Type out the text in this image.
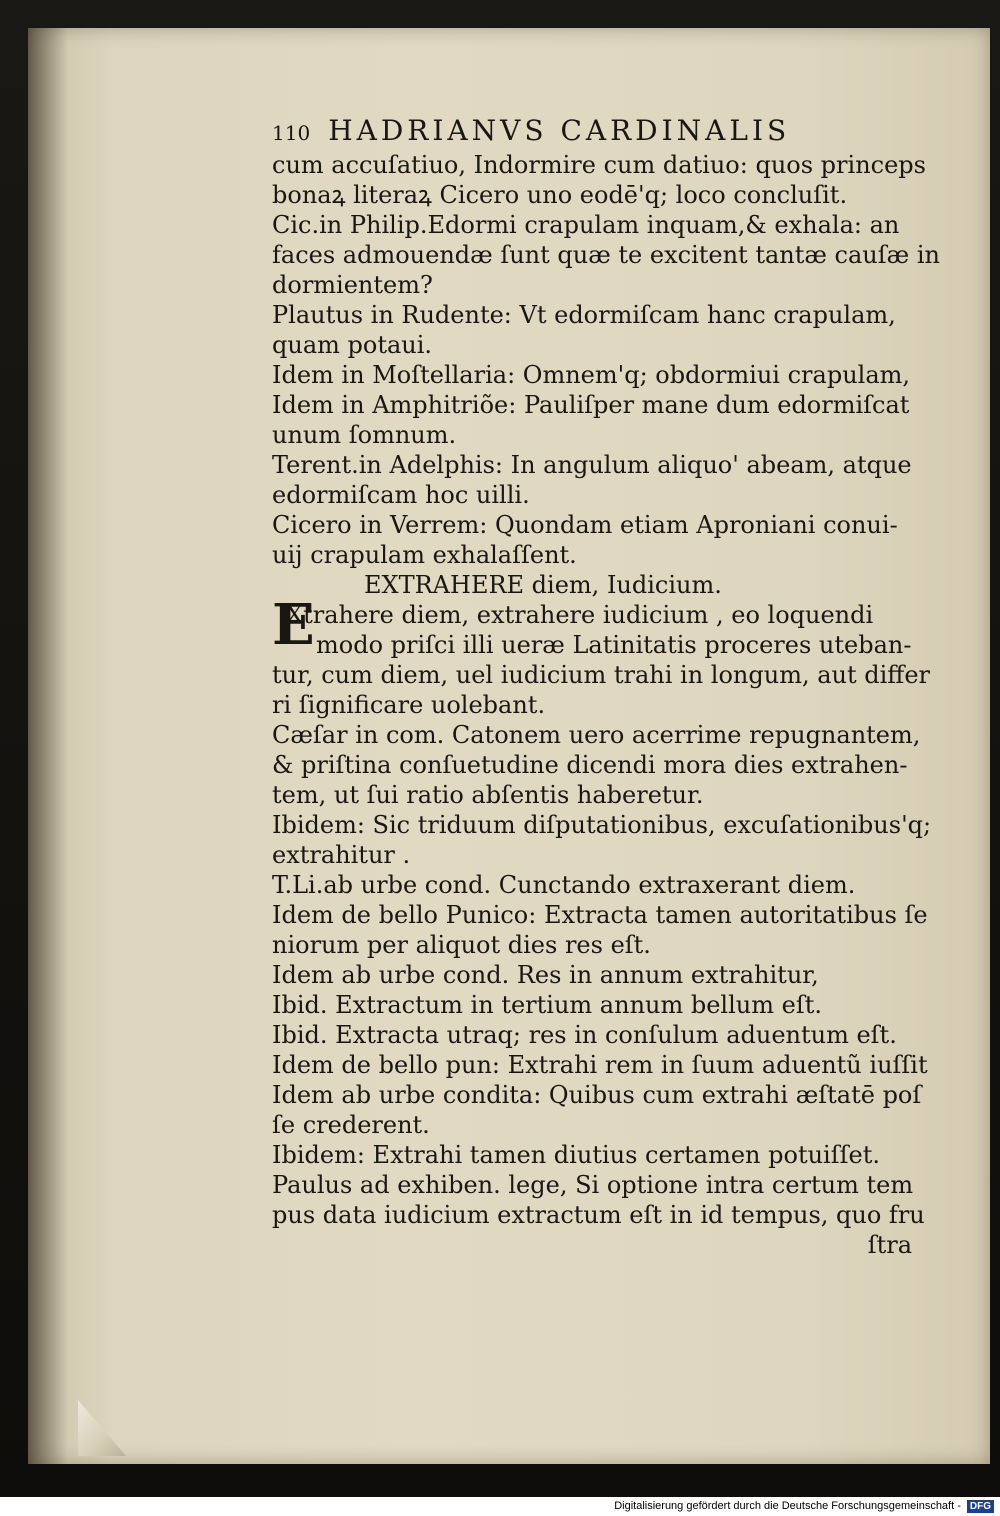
110 HADRIANVS CARDINALIS
cum accuſatiuo, Indormire cum datiuo: quos princeps
bonaꝝ literaꝝ Cicero uno eodē'q; loco concluſit.
Cic.in Philip.Edormi crapulam inquam,& exhala: an
faces admouendæ ſunt quæ te excitent tantæ cauſæ in
dormientem?
Plautus in Rudente: Vt edormiſcam hanc crapulam,
quam potaui.
Idem in Moſtellaria: Omnem'q; obdormiui crapulam,
Idem in Amphitriõe: Pauliſper mane dum edormiſcat
unum ſomnum.
Terent.in Adelphis: In angulum aliquo' abeam, atque
edormiſcam hoc uilli.
Cicero in Verrem: Quondam etiam Aproniani conui-
uij crapulam exhalaſſent.
EXTRAHERE diem, Iudicium.
E
Xtrahere diem, extrahere iudicium , eo loquendi
modo priſci illi ueræ Latinitatis proceres uteban-
tur, cum diem, uel iudicium trahi in longum, aut differ
ri ſignificare uolebant.
Cæſar in com. Catonem uero acerrime repugnantem,
& priſtina conſuetudine dicendi mora dies extrahen-
tem, ut ſui ratio abſentis haberetur.
Ibidem: Sic triduum diſputationibus, excuſationibus'q;
extrahitur .
T.Li.ab urbe cond. Cunctando extraxerant diem.
Idem de bello Punico: Extracta tamen autoritatibus ſe
niorum per aliquot dies res eſt.
Idem ab urbe cond. Res in annum extrahitur,
Ibid. Extractum in tertium annum bellum eſt.
Ibid. Extracta utraq; res in conſulum aduentum eſt.
Idem de bello pun: Extrahi rem in ſuum aduentũ iuſſit
Idem ab urbe condita: Quibus cum extrahi æſtatē poſ
ſe crederent.
Ibidem: Extrahi tamen diutius certamen potuiſſet.
Paulus ad exhiben. lege, Si optione intra certum tem
pus data iudicium extractum eſt in id tempus, quo fru
ſtra
Digitalisierung gefördert durch die Deutsche Forschungsgemeinschaft - DFG
